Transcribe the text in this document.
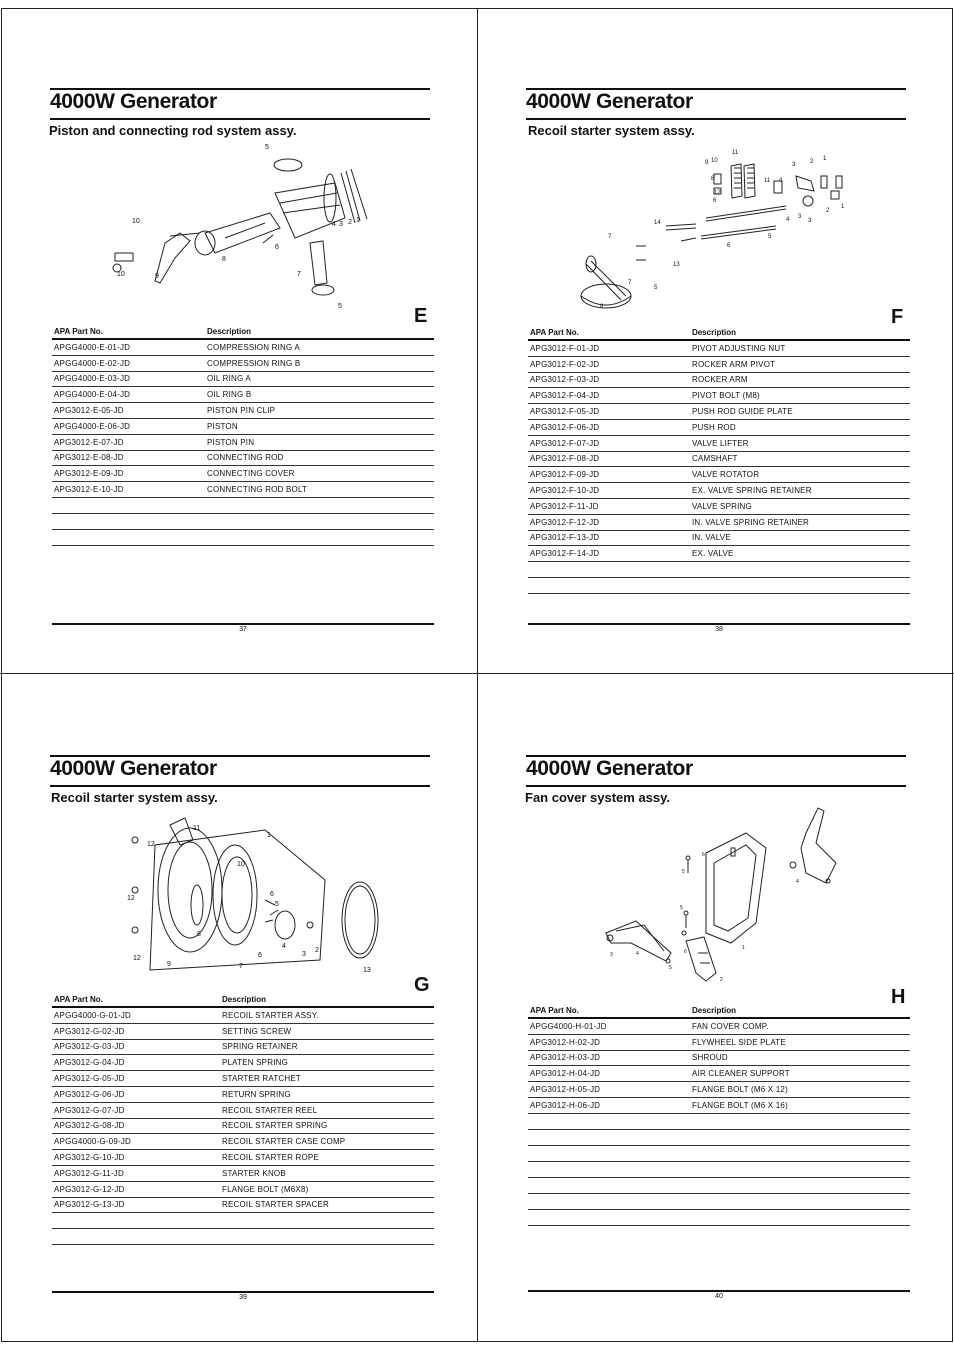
4000W Generator
Piston and connecting rod system assy.
5
4 3 2 1
6
7
5
8
9
10
10
E
APA Part No.	Description
APGG4000-E-01-JD	COMPRESSION RING A
APGG4000-E-02-JD	COMPRESSION RING B
APGG4000-E-03-JD	OIL RING A
APGG4000-E-04-JD	OIL RING B
APG3012-E-05-JD	PISTON PIN CLIP
APGG4000-E-06-JD	PISTON
APG3012-E-07-JD	PISTON PIN
APG3012-E-08-JD	CONNECTING ROD
APG3012-E-09-JD	CONNECTING COVER
APG3012-E-10-JD	CONNECTING ROD BOLT
37
4000W Generator
Recoil starter system assy.
11
9 10
8
12
6
11 4
3 2 1
3
2
1
5
4 3
14
7
6
13
8
7
5
F
APA Part No.	Description
APG3012-F-01-JD	PIVOT ADJUSTING NUT
APG3012-F-02-JD	ROCKER ARM PIVOT
APG3012-F-03-JD	ROCKER ARM
APG3012-F-04-JD	PIVOT BOLT (M8)
APG3012-F-05-JD	PUSH ROD GUIDE PLATE
APG3012-F-06-JD	PUSH ROD
APG3012-F-07-JD	VALVE LIFTER
APG3012-F-08-JD	CAMSHAFT
APG3012-F-09-JD	VALVE ROTATOR
APG3012-F-10-JD	EX. VALVE SPRING RETAINER
APG3012-F-11-JD	VALVE SPRING
APG3012-F-12-JD	IN. VALVE SPRING RETAINER
APG3012-F-13-JD	IN. VALVE
APG3012-F-14-JD	EX. VALVE
38
4000W Generator
Recoil starter system assy.
11
1
12
10
6
5
12
4
8
2
12
3
9	7
6
13
G
APA Part No.	Description
APGG4000-G-01-JD	RECOIL STARTER ASSY.
APG3012-G-02-JD	SETTING SCREW
APG3012-G-03-JD	SPRING RETAINER
APG3012-G-04-JD	PLATEN SPRING
APG3012-G-05-JD	STARTER RATCHET
APG3012-G-06-JD	RETURN SPRING
APG3012-G-07-JD	RECOIL STARTER REEL
APG3012-G-08-JD	RECOIL STARTER SPRING
APGG4000-G-09-JD	RECOIL STARTER CASE COMP
APG3012-G-10-JD	RECOIL STARTER ROPE
APG3012-G-11-JD	STARTER KNOB
APG3012-G-12-JD	FLANGE BOLT (M6X8)
APG3012-G-13-JD	RECOIL STARTER SPACER
39
4000W Generator
Fan cover system assy.
6
5
4
5
1
3	4	6
5
2
H
APA Part No.	Description
APGG4000-H-01-JD	FAN COVER COMP.
APG3012-H-02-JD	FLYWHEEL SIDE PLATE
APG3012-H-03-JD	SHROUD
APG3012-H-04-JD	AIR CLEANER SUPPORT
APG3012-H-05-JD	FLANGE BOLT (M6 X 12)
APG3012-H-06-JD	FLANGE BOLT (M6 X 16)
40
